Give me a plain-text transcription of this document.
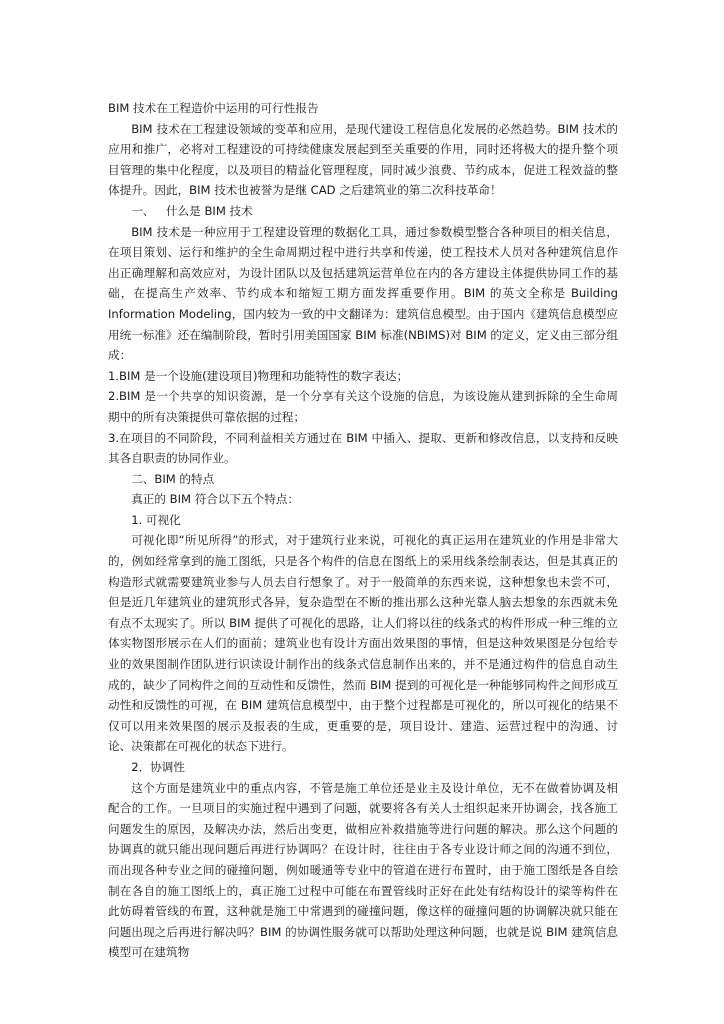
BIM 技术在工程造价中运用的可行性报告

BIM 技术在工程建设领域的变革和应用，是现代建设工程信息化发展的必然趋势。BIM 技术的应用和推广，必将对工程建设的可持续健康发展起到至关重要的作用，同时还将极大的提升整个项目管理的集中化程度，以及项目的精益化管理程度，同时减少浪费、节约成本，促进工程效益的整体提升。因此，BIM 技术也被誉为是继 CAD 之后建筑业的第二次科技革命！

一、 什么是 BIM 技术

BIM 技术是一种应用于工程建设管理的数据化工具，通过参数模型整合各种项目的相关信息，在项目策划、运行和维护的全生命周期过程中进行共享和传递，使工程技术人员对各种建筑信息作出正确理解和高效应对，为设计团队以及包括建筑运营单位在内的各方建设主体提供协同工作的基础，在提高生产效率、节约成本和缩短工期方面发挥重要作用。BIM 的英文全称是 Building Information Modeling，国内较为一致的中文翻译为：建筑信息模型。由于国内《建筑信息模型应用统一标准》还在编制阶段，暂时引用美国国家 BIM 标准(NBIMS)对 BIM 的定义，定义由三部分组成：

1.BIM 是一个设施(建设项目)物理和功能特性的数字表达；

2.BIM 是一个共享的知识资源，是一个分享有关这个设施的信息，为该设施从建到拆除的全生命周期中的所有决策提供可靠依据的过程；

3.在项目的不同阶段，不同利益相关方通过在 BIM 中插入、提取、更新和修改信息，以支持和反映其各自职责的协同作业。

二、BIM 的特点

真正的 BIM 符合以下五个特点：

1. 可视化

可视化即“所见所得”的形式，对于建筑行业来说，可视化的真正运用在建筑业的作用是非常大的，例如经常拿到的施工图纸，只是各个构件的信息在图纸上的采用线条绘制表达，但是其真正的构造形式就需要建筑业参与人员去自行想象了。对于一般简单的东西来说，这种想象也未尝不可，但是近几年建筑业的建筑形式各异，复杂造型在不断的推出那么这种光靠人脑去想象的东西就未免有点不太现实了。所以 BIM 提供了可视化的思路，让人们将以往的线条式的构件形成一种三维的立体实物图形展示在人们的面前；建筑业也有设计方面出效果图的事情，但是这种效果图是分包给专业的效果图制作团队进行识读设计制作出的线条式信息制作出来的，并不是通过构件的信息自动生成的，缺少了同构件之间的互动性和反馈性，然而 BIM 提到的可视化是一种能够同构件之间形成互动性和反馈性的可视，在 BIM 建筑信息模型中，由于整个过程都是可视化的，所以可视化的结果不仅可以用来效果图的展示及报表的生成，更重要的是，项目设计、建造、运营过程中的沟通、讨论、决策都在可视化的状态下进行。

2．协调性

这个方面是建筑业中的重点内容，不管是施工单位还是业主及设计单位，无不在做着协调及相配合的工作。一旦项目的实施过程中遇到了问题，就要将各有关人士组织起来开协调会，找各施工问题发生的原因，及解决办法，然后出变更，做相应补救措施等进行问题的解决。那么这个问题的协调真的就只能出现问题后再进行协调吗？在设计时，往往由于各专业设计师之间的沟通不到位，而出现各种专业之间的碰撞问题，例如暖通等专业中的管道在进行布置时，由于施工图纸是各自绘制在各自的施工图纸上的，真正施工过程中可能在布置管线时正好在此处有结构设计的梁等构件在此妨碍着管线的布置，这种就是施工中常遇到的碰撞问题，像这样的碰撞问题的协调解决就只能在问题出现之后再进行解决吗？BIM 的协调性服务就可以帮助处理这种问题，也就是说 BIM 建筑信息模型可在建筑物
